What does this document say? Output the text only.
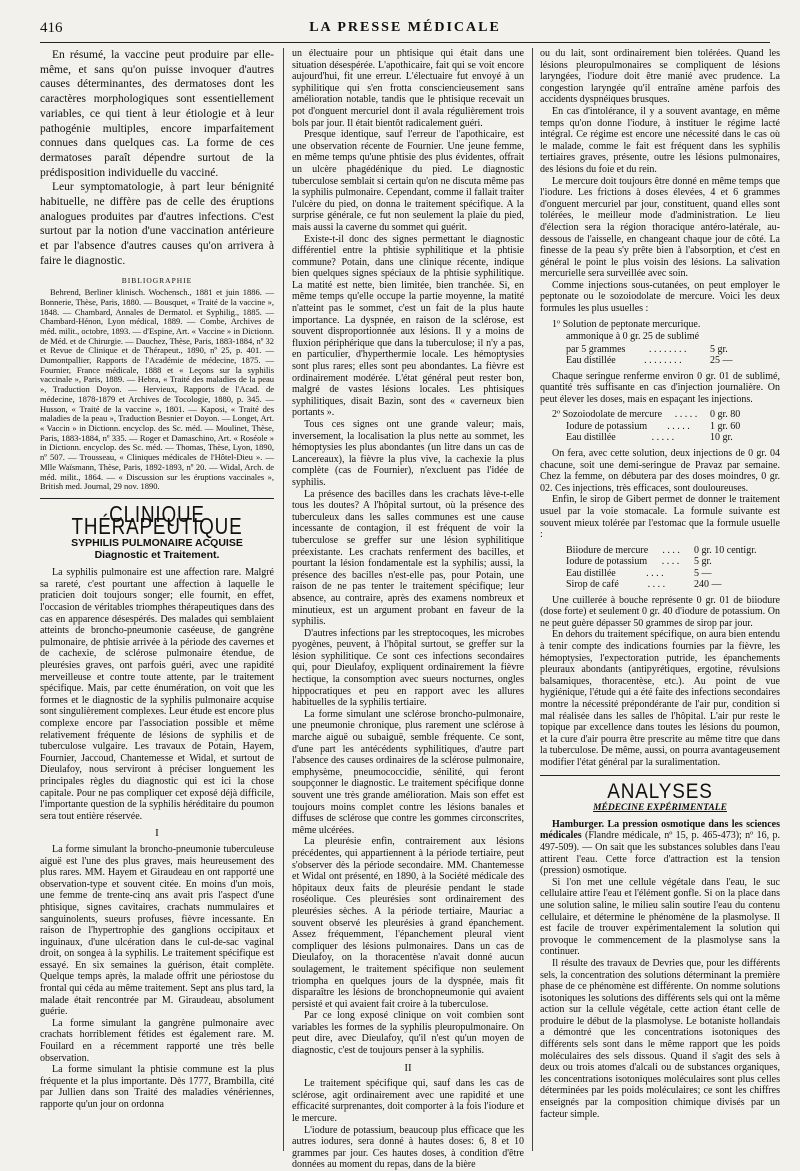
416	LA PRESSE MÉDICALE

En résumé, la vaccine peut produire par elle-même, et sans qu'on puisse invoquer d'autres causes déterminantes, des dermatoses dont les caractères morphologiques sont essentiellement variables, ce qui tient à leur étiologie et à leur pathogénie multiples, encore imparfaitement connues dans quelques cas. La forme de ces dermatoses paraît dépendre surtout de la prédisposition individuelle du vacciné.

Leur symptomatologie, à part leur bénignité habituelle, ne diffère pas de celle des éruptions analogues produites par d'autres infections. C'est surtout par la notion d'une vaccination antérieure et par l'absence d'autres causes qu'on arrivera à faire le diagnostic.

BIBLIOGRAPHIE

Behrend, Berliner klinisch. Wochensch., 1881 et juin 1886. — Bonnerie, Thèse, Paris, 1880. — Bousquet, « Traité de la vaccine », 1848. — Chambard, Annales de Dermatol. et Syphilig., 1885. — Chambard-Hénon, Lyon médical, 1889. — Combe, Archives de méd. milit., octobre, 1893. — d'Espine, Art. « Vaccine » in Dictionn. de Méd. et de Chirurgie. — Dauchez, Thèse, Paris, 1883-1884, nº 32 et Revue de Clinique et de Thérapeut., 1890, nº 25, p. 401. — Dumontpallier, Rapports de l'Académie de médecine, 1875. — Fournier, France médicale, 1888 et « Leçons sur la syphilis vaccinale », Paris, 1889. — Hebra, « Traité des maladies de la peau », Traduction Doyon. — Hervieux, Rapports de l'Acad. de médecine, 1878-1879 et Archives de Tocologie, 1880, p. 345. — Husson, « Traité de la vaccine », 1801. — Kaposi, « Traité des maladies de la peau », Traduction Besnier et Doyon. — Longet, Art. « Vaccin » in Dictionn. encyclop. des Sc. méd. — Moulinet, Thèse, Paris, 1883-1884, nº 335. — Roger et Damaschino, Art. « Roséole » in Dictionn. encyclop. des Sc. méd. — Thomas, Thèse, Lyon, 1890, nº 507. — Trousseau, « Cliniques médicales de l'Hôtel-Dieu ». — Mlle Waïsmann, Thèse, Paris, 1892-1893, nº 20. — Widal, Arch. de méd. milit., 1864. — « Discussion sur les éruptions vaccinales », British med. Journal, 29 nov. 1890.

CLINIQUE THÉRAPEUTIQUE
SYPHILIS PULMONAIRE ACQUISE
Diagnostic et Traitement.

La syphilis pulmonaire est une affection rare. Malgré sa rareté, c'est pourtant une affection à laquelle le praticien doit toujours songer; elle fournit, en effet, l'occasion de véritables triomphes thérapeutiques dans des cas en apparence désespérés. Des malades qui semblaient atteints de broncho-pneumonie caséeuse, de gangrène pulmonaire, de phtisie arrivée à la période des cavernes et de cachexie, de sclérose pulmonaire étendue, de pleurésies graves, ont parfois guéri, avec une rapidité merveilleuse et contre toute attente, par le traitement spécifique. Mais, par cette énumération, on voit que les formes et le diagnostic de la syphilis pulmonaire acquise sont singulièrement complexes. Leur étude est encore plus complexe encore par l'association possible et même relativement fréquente de lésions de syphilis et de tuberculose vulgaire. Les travaux de Potain, Hayem, Fournier, Jaccoud, Chantemesse et Widal, et surtout de Dieulafoy, nous serviront à préciser longuement les principales règles du diagnostic qui est ici la chose capitale. Pour ne pas compliquer cet exposé déjà difficile, l'importante question de la syphilis héréditaire du poumon sera tout entière réservée.

I

La forme simulant la broncho-pneumonie tuberculeuse aiguë est l'une des plus graves, mais heureusement des plus rares. MM. Hayem et Giraudeau en ont rapporté une observation-type et souvent citée. En moins d'un mois, une femme de trente-cinq ans avait pris l'aspect d'une phtisique, signes cavitaires, crachats nummulaires et sanguinolents, sueurs profuses, fièvre incessante. En raison de l'hypertrophie des ganglions occipitaux et inguinaux, d'une ulcération dans le cul-de-sac vaginal droit, on songea à la syphilis. Le traitement spécifique est essayé. En six semaines la guérison, était complète. Quelque temps après, la malade offrit une périostose du frontal qui céda au même traitement. Sept ans plus tard, la malade était rencontrée par M. Giraudeau, absolument guérie.

La forme simulant la gangrène pulmonaire avec crachats horriblement fétides est également rare. M. Fouilard en a récemment rapporté une très belle observation.

La forme simulant la phtisie commune est la plus fréquente et la plus importante. Dès 1777, Brambilla, cité par Jullien dans son Traité des maladies vénériennes, rapporte qu'un jour on ordonna

un électuaire pour un phtisique qui était dans une situation désespérée. L'apothicaire, fait qui se voit encore aujourd'hui, fit une erreur. L'électuaire fut envoyé à un syphilitique qui s'en frotta consciencieusement sans amélioration notable, tandis que le phtisique recevait un pot d'onguent mercuriel dont il avala régulièrement trois bols par jour. Il était bientôt radicalement guéri.

Presque identique, sauf l'erreur de l'apothicaire, est une observation récente de Fournier. Une jeune femme, en même temps qu'une phtisie des plus évidentes, offrait un ulcère phagédénique du pied. Le diagnostic tuberculose semblait si certain qu'on ne discuta même pas la syphilis pulmonaire. Cependant, comme il fallait traiter l'ulcère du pied, on donna le traitement spécifique. A la surprise générale, ce fut non seulement la plaie du pied, mais aussi la caverne du sommet qui guérit.

Existe-t-il donc des signes permettant le diagnostic différentiel entre la phtisie syphilitique et la phtisie commune? Potain, dans une clinique récente, indique bien quelques signes spéciaux de la phtisie syphilitique. La matité est nette, bien limitée, bien tranchée. Si, en même temps qu'elle occupe la partie moyenne, la matité n'atteint pas le sommet, c'est un fait de la plus haute importance. La dyspnée, en raison de la sclérose, est souvent disproportionnée aux lésions. Il y a moins de fluxion périphérique que dans la tuberculose; il n'y a pas, en particulier, d'hyperthermie locale. Les hémoptysies sont plus rares; elles sont peu abondantes. La fièvre est ordinairement modérée. L'état général peut rester bon, malgré de vastes lésions locales. Les phtisiques syphilitiques, disait Bazin, sont des « caverneux bien portants ».

Tous ces signes ont une grande valeur; mais, inversement, la localisation la plus nette au sommet, les hémoptysies les plus abondantes (un litre dans un cas de Lancereaux), la fièvre la plus vive, la cachexie la plus complète (cas de Fournier), n'excluent pas l'idée de syphilis.

La présence des bacilles dans les crachats lève-t-elle tous les doutes? A l'hôpital surtout, où la présence des tuberculeux dans les salles communes est une cause incessante de contagion, il est fréquent de voir la tuberculose se greffer sur une lésion syphilitique préexistante. Les crachats renferment des bacilles, et pourtant la lésion fondamentale est la syphilis; aussi, la présence des bacilles n'est-elle pas, pour Potain, une raison de ne pas tenter le traitement spécifique; leur absence, au contraire, après des examens nombreux et minutieux, est un argument probant en faveur de la syphilis.

D'autres infections par les streptocoques, les microbes pyogènes, peuvent, à l'hôpital surtout, se greffer sur la lésion syphilitique. Ce sont ces infections secondaires qui, pour Dieulafoy, expliquent ordinairement la fièvre hectique, la consomption avec sueurs nocturnes, ongles hippocratiques et peu en rapport avec les allures habituelles de la syphilis tertiaire.

La forme simulant une sclérose broncho-pulmonaire, une pneumonie chronique, plus rarement une sclérose à marche aiguë ou subaiguë, semble fréquente. Ce sont, d'une part les antécédents syphilitiques, d'autre part l'absence des causes ordinaires de la sclérose pulmonaire, emphysème, pneumococcidie, sénilité, qui feront soupçonner le diagnostic. Le traitement spécifique donne souvent une très grande amélioration. Mais son effet est toujours moins complet contre les lésions banales et diffuses de sclérose que contre les gommes circonscrites, même ulcérées.

La pleurésie enfin, contrairement aux lésions précédentes, qui appartiennent à la période tertiaire, peut s'observer dès la période secondaire. MM. Chantemesse et Widal ont présenté, en 1890, à la Société médicale des hôpitaux deux faits de pleurésie pendant le stade roséolique. Ces pleurésies sont ordinairement des pleurésies sèches. A la période tertiaire, Mauriac a souvent observé les pleurésies à grand épanchement. Assez fréquemment, l'épanchement pleural vient compliquer des lésions pulmonaires. Dans un cas de Dieulafoy, on la thoracentèse n'avait donné aucun soulagement, le traitement spécifique non seulement triompha en quelques jours de la dyspnée, mais fit disparaître les lésions de bronchopneumonie qui avaient persisté et qui avaient fait croire à la tuberculose.

Par ce long exposé clinique on voit combien sont variables les formes de la syphilis pleuropulmonaire. On peut dire, avec Dieulafoy, qu'il n'est qu'un moyen de diagnostic, c'est de toujours penser à la syphilis.

II

Le traitement spécifique qui, sauf dans les cas de sclérose, agit ordinairement avec une rapidité et une efficacité surprenantes, doit comporter à la fois l'iodure et le mercure.

L'iodure de potassium, beaucoup plus efficace que les autres iodures, sera donné à hautes doses: 6, 8 et 10 grammes par jour. Ces hautes doses, à condition d'être données au moment du repas, dans de la bière

ou du lait, sont ordinairement bien tolérées. Quand les lésions pleuropulmonaires se compliquent de lésions laryngées, l'iodure doit être manié avec prudence. La congestion laryngée qu'il entraîne amène parfois des accidents dyspnéiques brusques.

En cas d'intolérance, il y a souvent avantage, en même temps qu'on donne l'iodure, à instituer le régime lacté intégral. Ce régime est encore une nécessité dans le cas où le malade, comme le fait est fréquent dans les syphilis tertiaires graves, présente, outre les lésions pulmonaires, des lésions du foie et du rein.

Le mercure doit toujours être donné en même temps que l'iodure. Les frictions à doses élevées, 4 et 6 grammes d'onguent mercuriel par jour, constituent, quand elles sont tolérées, le meilleur mode d'administration. Le lieu d'élection sera la région thoracique antéro-latérale, au-dessous de l'aisselle, en changeant chaque jour de côté. La finesse de la peau s'y prête bien à l'absorption, et c'est en général le point le plus voisin des lésions. La salivation mercurielle sera surveillée avec soin.

Comme injections sous-cutanées, on peut employer le peptonate ou le sozoiodolate de mercure. Voici les deux formules les plus usuelles :

1º Solution de peptonate mercurique.
ammonique à 0 gr. 25 de sublimé
par 5 grammes . . . . . . . . 5 gr.
Eau distillée	. . . . . . . .	25 —

Chaque seringue renferme environ 0 gr. 01 de sublimé, quantité très suffisante en cas d'injection journalière. On peut élever les doses, mais en espaçant les injections.

2º Sozoiodolate de mercure . . . . . 0 gr. 80
Iodure de potassium . . . . . 1 gr. 60
Eau distillée	. . . . .	10 gr.

On fera, avec cette solution, deux injections de 0 gr. 04 chacune, soit une demi-seringue de Pravaz par semaine. Chez la femme, on débutera par des doses moindres, 0 gr. 02. Ces injections, très efficaces, sont douloureuses.

Enfin, le sirop de Gibert permet de donner le traitement usuel par la voie stomacale. La formule suivante est souvent mieux tolérée par l'estomac que la formule usuelle :

Biiodure de mercure . . . . 0 gr. 10 centigr.
Iodure de potassium . . . . 5 gr.
Eau distillée	. . . .	5 —
Sirop de café	. . . .	240 —

Une cuillerée à bouche représente 0 gr. 01 de biiodure (dose forte) et seulement 0 gr. 40 d'iodure de potassium. On ne peut guère dépasser 50 grammes de sirop par jour.

En dehors du traitement spécifique, on aura bien entendu à tenir compte des indications fournies par la fièvre, les hémoptysies, l'expectoration putride, les épanchements pleuraux abondants (antipyrétiques, ergotine, révulsions balsamiques, thoracentèse, etc.). Au point de vue hygiénique, l'étude qui a été faite des infections secondaires montre la nécessité prépondérante de l'air pur, condition si mal réalisée dans les salles de l'hôpital. L'air pur reste le topique par excellence dans toutes les lésions du poumon, et la cure d'air pourra être prescrite au même titre que dans la tuberculose. De même, aussi, on pourra avantageusement modifier l'état général par la suralimentation.

ANALYSES
MÉDECINE EXPÉRIMENTALE

Hamburger. La pression osmotique dans les sciences médicales (Flandre médicale, nº 15, p. 465-473); nº 16, p. 497-509). — On sait que les substances solubles dans l'eau attirent l'eau. Cette force d'attraction est la tension (pression) osmotique.

Si l'on met une cellule végétale dans l'eau, le suc cellulaire attire l'eau et l'élément gonfle. Si on la place dans une solution saline, le milieu salin soutire l'eau du contenu cellulaire, et détermine le phénomène de la plasmolyse. Il est facile de trouver expérimentalement la solution qui provoque le commencement de la plasmolyse sans la continuer.

Il résulte des travaux de Devries que, pour les différents sels, la concentration des solutions déterminant la première phase de ce phénomène est différente. On nomme solutions isotoniques les solutions des différents sels qui ont la même action sur la cellule végétale, cette action étant celle de produire le début de la plasmolyse. Le botaniste hollandais a démontré que les concentrations isotoniques des différents sels sont dans le même rapport que les poids moléculaires des sels dissous. Quand il s'agit des sels à deux ou trois atomes d'alcali ou de substances organiques, les concentrations isotoniques moléculaires sont plus celles déterminées par les poids moléculaires; ce sont les chiffres enseignés par la composition chimique divisés par un facteur simple.
